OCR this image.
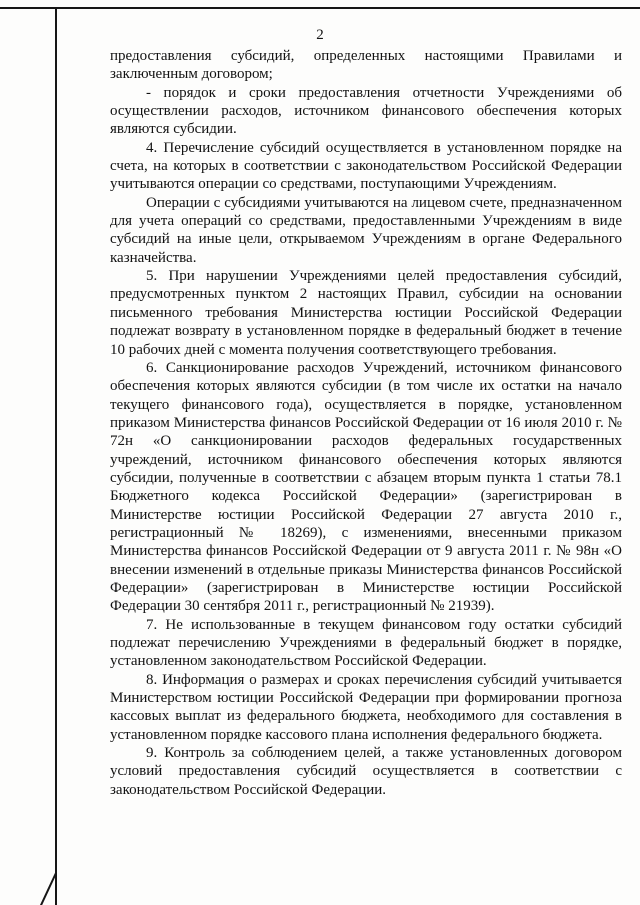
2

предоставления субсидий, определенных настоящими Правилами и заключенным договором;

- порядок и сроки предоставления отчетности Учреждениями об осуществлении расходов, источником финансового обеспечения которых являются субсидии.

4. Перечисление субсидий осуществляется в установленном порядке на счета, на которых в соответствии с законодательством Российской Федерации учитываются операции со средствами, поступающими Учреждениям.

Операции с субсидиями учитываются на лицевом счете, предназначенном для учета операций со средствами, предоставленными Учреждениям в виде субсидий на иные цели, открываемом Учреждениям в органе Федерального казначейства.

5. При нарушении Учреждениями целей предоставления субсидий, предусмотренных пунктом 2 настоящих Правил, субсидии на основании письменного требования Министерства юстиции Российской Федерации подлежат возврату в установленном порядке в федеральный бюджет в течение 10 рабочих дней с момента получения соответствующего требования.

6. Санкционирование расходов Учреждений, источником финансового обеспечения которых являются субсидии (в том числе их остатки на начало текущего финансового года), осуществляется в порядке, установленном приказом Министерства финансов Российской Федерации от 16 июля 2010 г. № 72н «О санкционировании расходов федеральных государственных учреждений, источником финансового обеспечения которых являются субсидии, полученные в соответствии с абзацем вторым пункта 1 статьи 78.1 Бюджетного кодекса Российской Федерации» (зарегистрирован в Министерстве юстиции Российской Федерации 27 августа 2010 г., регистрационный № 18269), с изменениями, внесенными приказом Министерства финансов Российской Федерации от 9 августа 2011 г. № 98н «О внесении изменений в отдельные приказы Министерства финансов Российской Федерации» (зарегистрирован в Министерстве юстиции Российской Федерации 30 сентября 2011 г., регистрационный № 21939).

7. Не использованные в текущем финансовом году остатки субсидий подлежат перечислению Учреждениями в федеральный бюджет в порядке, установленном законодательством Российской Федерации.

8. Информация о размерах и сроках перечисления субсидий учитывается Министерством юстиции Российской Федерации при формировании прогноза кассовых выплат из федерального бюджета, необходимого для составления в установленном порядке кассового плана исполнения федерального бюджета.

9. Контроль за соблюдением целей, а также установленных договором условий предоставления субсидий осуществляется в соответствии с законодательством Российской Федерации.
